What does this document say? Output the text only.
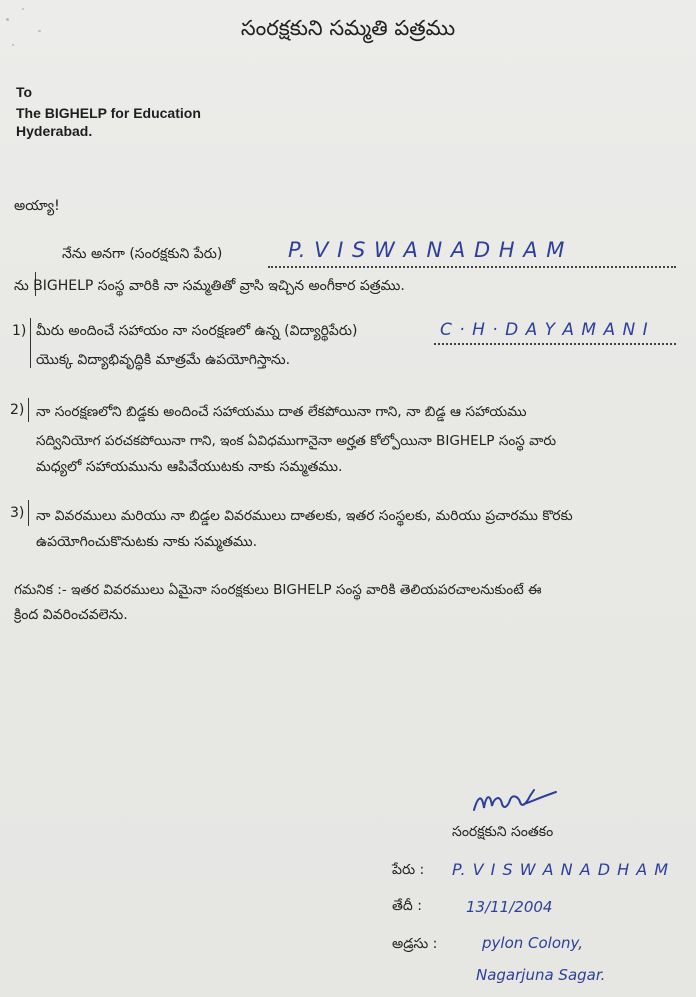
సంరక్షకుని సమ్మతి పత్రము
To
The BIGHELP for Education
Hyderabad.
అయ్యా!
నేను అనగా (సంరక్షకుని పేరు)	P. V I S W A N A D H A M
ను BIGHELP సంస్థ వారికి నా సమ్మతితో వ్రాసి ఇచ్చిన అంగీకార పత్రము.
1) మీరు అందించే సహాయం నా సంరక్షణలో ఉన్న (విద్యార్థిపేరు)	C · H · D A Y A M A N I
యొక్క విద్యాభివృద్ధికి మాత్రమే ఉపయోగిస్తాను.
2) నా సంరక్షణలోని బిడ్డకు అందించే సహాయము దాత లేకపోయినా గాని, నా బిడ్డ ఆ సహాయము
సద్వినియోగ పరచకపోయినా గాని, ఇంక ఏవిధముగానైనా అర్హత కోల్పోయినా BIGHELP సంస్థ వారు
మధ్యలో సహాయమును ఆపివేయుటకు నాకు సమ్మతము.
3) నా వివరములు మరియు నా బిడ్డల వివరములు దాతలకు, ఇతర సంస్థలకు, మరియు ప్రచారము కొరకు
ఉపయోగించుకొనుటకు నాకు సమ్మతము.
గమనిక :- ఇతర వివరములు ఏమైనా సంరక్షకులు BIGHELP సంస్థ వారికి తెలియపరచాలనుకుంటే ఈ
క్రింద వివరించవలెను.
సంరక్షకుని సంతకం
పేరు : P. V I S W A N A D H A M
తేదీ :	13/11/2004
అడ్రసు :	pylon Colony,
Nagarjuna Sagar.
